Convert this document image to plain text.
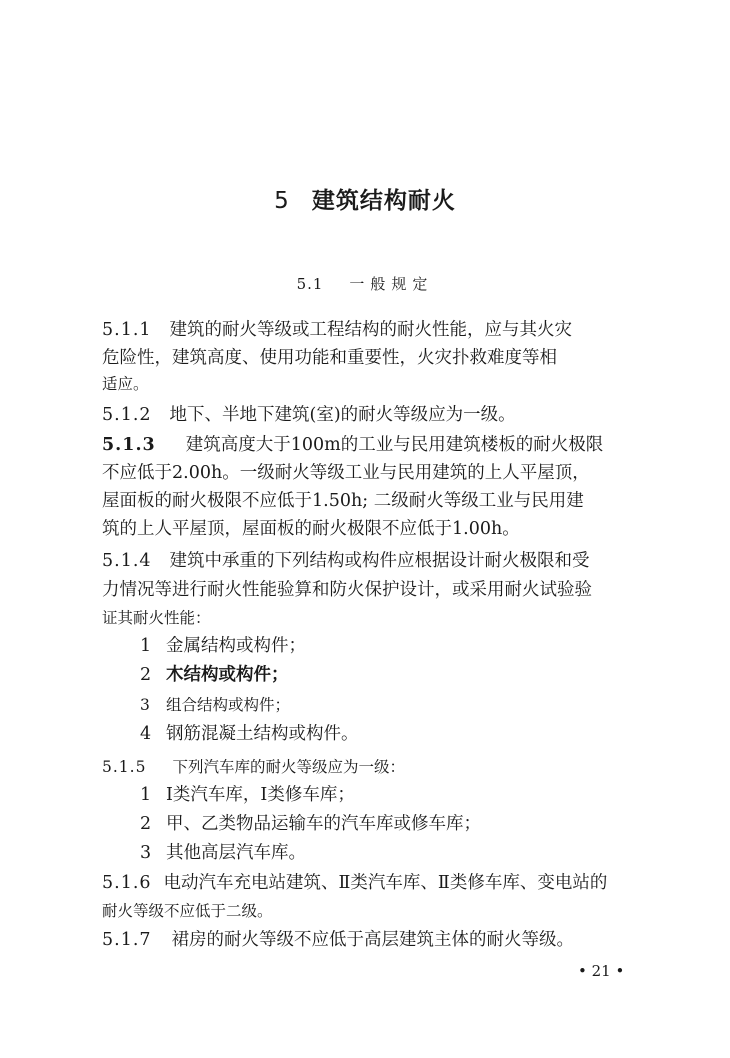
5 建筑结构耐火
5.1 一般规定
5.1.1 建筑的耐火等级或工程结构的耐火性能，应与其火灾
危险性，建筑高度、使用功能和重要性，火灾扑救难度等相
适应。
5.1.2 地下、半地下建筑(室)的耐火等级应为一级。
5.1.3 建筑高度大于100m的工业与民用建筑楼板的耐火极限
不应低于2.00h。一级耐火等级工业与民用建筑的上人平屋顶，
屋面板的耐火极限不应低于1.50h; 二级耐火等级工业与民用建
筑的上人平屋顶，屋面板的耐火极限不应低于1.00h。
5.1.4 建筑中承重的下列结构或构件应根据设计耐火极限和受
力情况等进行耐火性能验算和防火保护设计，或采用耐火试验验
证其耐火性能：
1 金属结构或构件；
2 木结构或构件；
3 组合结构或构件；
4 钢筋混凝土结构或构件。
5.1.5 下列汽车库的耐火等级应为一级：
1 Ⅰ类汽车库，Ⅰ类修车库；
2 甲、乙类物品运输车的汽车库或修车库；
3 其他高层汽车库。
5.1.6 电动汽车充电站建筑、Ⅱ类汽车库、Ⅱ类修车库、变电站的
耐火等级不应低于二级。
5.1.7 裙房的耐火等级不应低于高层建筑主体的耐火等级。
• 21 •
